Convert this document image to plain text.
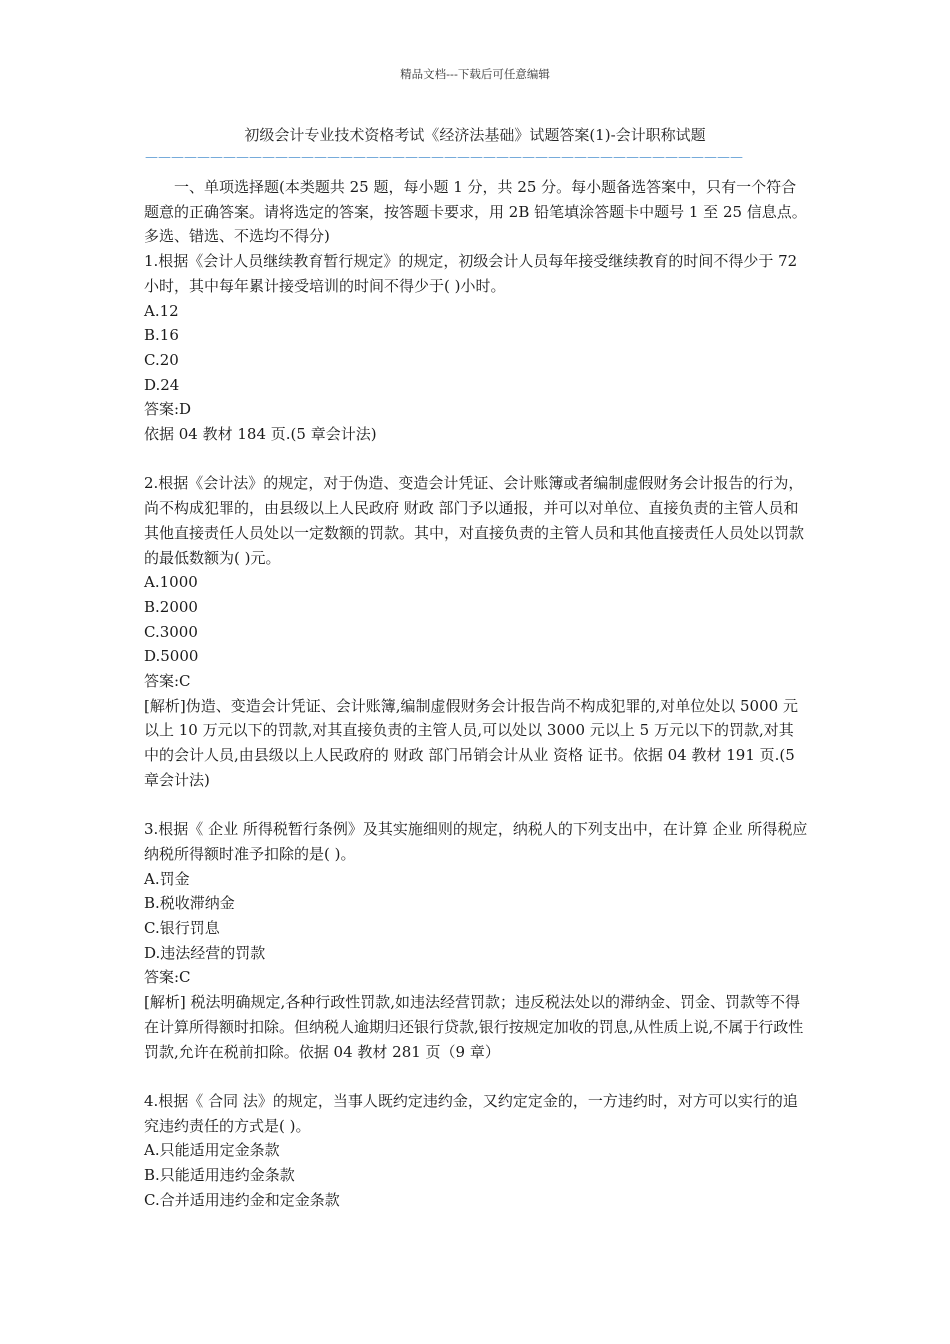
精品文档---下载后可任意编辑
初级会计专业技术资格考试《经济法基础》试题答案(1)-会计职称试题
——————————————————————————————————————————————

一、单项选择题(本类题共 25 题，每小题 1 分，共 25 分。每小题备选答案中，只有一个符合题意的正确答案。请将选定的答案，按答题卡要求，用 2B 铅笔填涂答题卡中题号 1 至 25 信息点。多选、错选、不选均不得分)

1.根据《会计人员继续教育暂行规定》的规定，初级会计人员每年接受继续教育的时间不得少于 72 小时，其中每年累计接受培训的时间不得少于( )小时。

A.12

B.16

C.20

D.24

答案:D

依据 04 教材 184 页.(5 章会计法)

2.根据《会计法》的规定，对于伪造、变造会计凭证、会计账簿或者编制虚假财务会计报告的行为，尚不构成犯罪的，由县级以上人民政府 财政 部门予以通报，并可以对单位、直接负责的主管人员和其他直接责任人员处以一定数额的罚款。其中，对直接负责的主管人员和其他直接责任人员处以罚款的最低数额为( )元。

A.1000

B.2000

C.3000

D.5000

答案:C

[解析]伪造、变造会计凭证、会计账簿,编制虚假财务会计报告尚不构成犯罪的,对单位处以 5000 元以上 10 万元以下的罚款,对其直接负责的主管人员,可以处以 3000 元以上 5 万元以下的罚款,对其中的会计人员,由县级以上人民政府的 财政 部门吊销会计从业 资格 证书。依据 04 教材 191 页.(5 章会计法)

3.根据《 企业 所得税暂行条例》及其实施细则的规定，纳税人的下列支出中，在计算 企业 所得税应纳税所得额时准予扣除的是( )。

A.罚金

B.税收滞纳金

C.银行罚息

D.违法经营的罚款

答案:C

[解析] 税法明确规定,各种行政性罚款,如违法经营罚款；违反税法处以的滞纳金、罚金、罚款等不得在计算所得额时扣除。但纳税人逾期归还银行贷款,银行按规定加收的罚息,从性质上说,不属于行政性罚款,允许在税前扣除。依据 04 教材 281 页（9 章）

4.根据《 合同 法》的规定，当事人既约定违约金，又约定定金的，一方违约时，对方可以实行的追究违约责任的方式是( )。

A.只能适用定金条款

B.只能适用违约金条款

C.合并适用违约金和定金条款
